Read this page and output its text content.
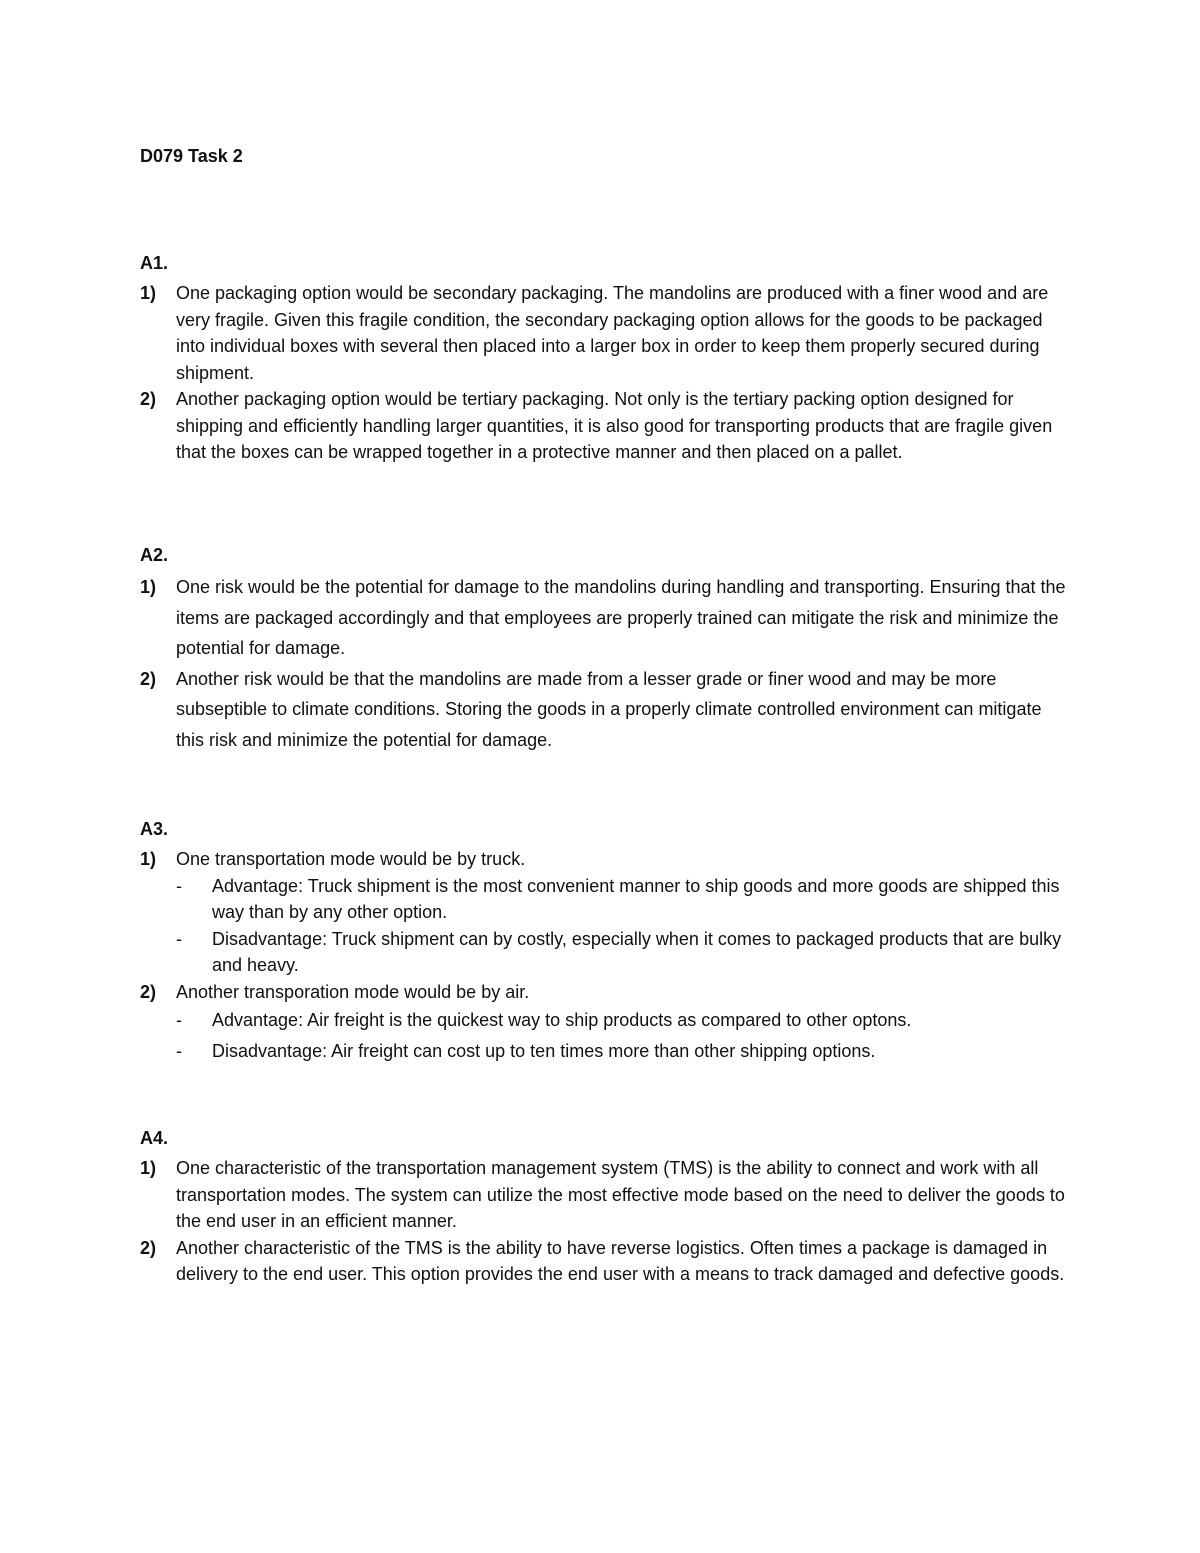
D079 Task 2
A1.
1)	One packaging option would be secondary packaging. The mandolins are produced with a finer wood and are very fragile. Given this fragile condition, the secondary packaging option allows for the goods to be packaged into individual boxes with several then placed into a larger box in order to keep them properly secured during shipment.
2)	Another packaging option would be tertiary packaging. Not only is the tertiary packing option designed for shipping and efficiently handling larger quantities, it is also good for transporting products that are fragile given that the boxes can be wrapped together in a protective manner and then placed on a pallet.
A2.
1)	One risk would be the potential for damage to the mandolins during handling and transporting. Ensuring that the items are packaged accordingly and that employees are properly trained can mitigate the risk and minimize the potential for damage.
2)	Another risk would be that the mandolins are made from a lesser grade or finer wood and may be more subseptible to climate conditions. Storing the goods in a properly climate controlled environment can mitigate this risk and minimize the potential for damage.
A3.
1)	One transportation mode would be by truck.
-	Advantage: Truck shipment is the most convenient manner to ship goods and more goods are shipped this way than by any other option.
-	Disadvantage: Truck shipment can by costly, especially when it comes to packaged products that are bulky and heavy.
2)	Another transporation mode would be by air.
-	Advantage: Air freight is the quickest way to ship products as compared to other optons.
-	Disadvantage: Air freight can cost up to ten times more than other shipping options.
A4.
1)	One characteristic of the transportation management system (TMS) is the ability to connect and work with all transportation modes. The system can utilize the most effective mode based on the need to deliver the goods to the end user in an efficient manner.
2)	Another characteristic of the TMS is the ability to have reverse logistics. Often times a package is damaged in delivery to the end user. This option provides the end user with a means to track damaged and defective goods.
